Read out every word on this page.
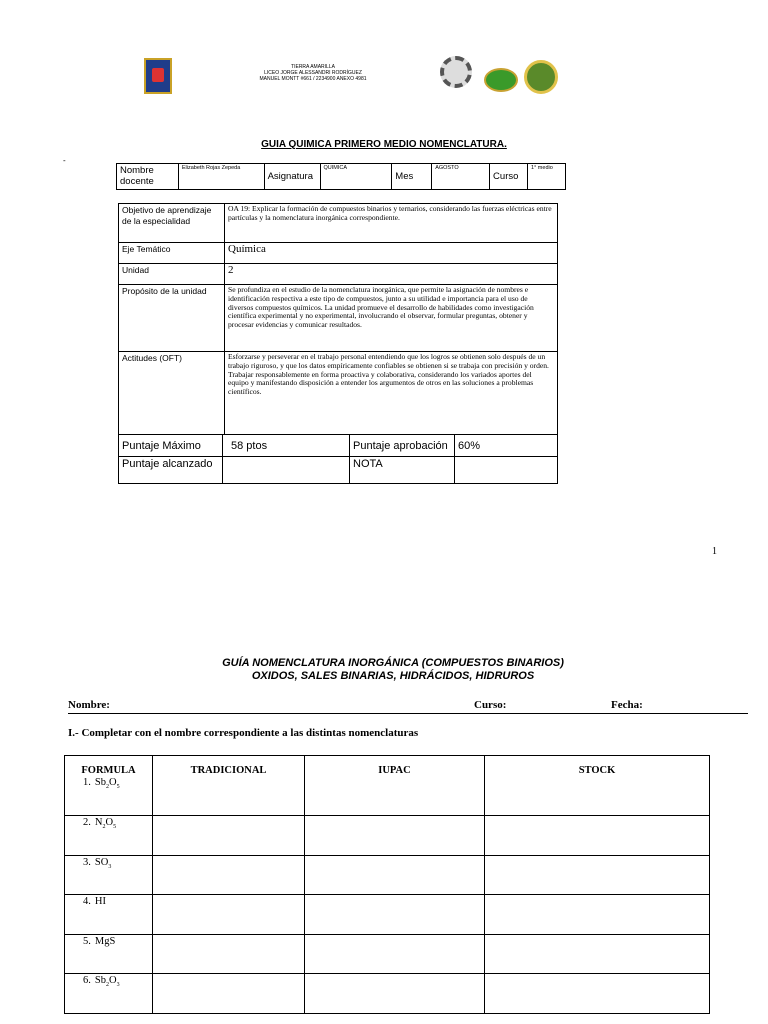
TIERRA AMARILLA
LICEO JORGE ALESSANDRI RODRÍGUEZ
MANUEL MONTT #661 / 2234900 ANEXO 4981
GUIA QUIMICA PRIMERO MEDIO NOMENCLATURA.
-
Nombre docente	Elizabeth Rojas Zepeda	Asignatura	QUIMICA	Mes	AGOSTO	Curso	1° medio
Objetivo de aprendizaje de la especialidad	OA 19: Explicar la formación de compuestos binarios y ternarios, considerando las fuerzas eléctricas entre partículas y la nomenclatura inorgánica correspondiente.
Eje Temático	Química
Unidad	2
Propósito de la unidad	Se profundiza en el estudio de la nomenclatura inorgánica, que permite la asignación de nombres e identificación respectiva a este tipo de compuestos, junto a su utilidad e importancia para el uso de diversos compuestos químicos. La unidad promueve el desarrollo de habilidades como investigación científica experimental y no experimental, involucrando el observar, formular preguntas, obtener y procesar evidencias y comunicar resultados.
Actitudes (OFT)	Esforzarse y perseverar en el trabajo personal entendiendo que los logros se obtienen solo después de un trabajo riguroso, y que los datos empíricamente confiables se obtienen si se trabaja con precisión y orden.
Trabajar responsablemente en forma proactiva y colaborativa, considerando los variados aportes del equipo y manifestando disposición a entender los argumentos de otros en las soluciones a problemas científicos.
Puntaje Máximo	58 ptos	Puntaje aprobación	60%
Puntaje alcanzado		NOTA	
1
GUÍA NOMENCLATURA INORGÁNICA (COMPUESTOS BINARIOS)
OXIDOS, SALES BINARIAS, HIDRÁCIDOS, HIDRUROS
Nombre:	Curso:	Fecha:
I.- Completar con el nombre correspondiente a las distintas nomenclaturas
FORMULA	TRADICIONAL	IUPAC	STOCK
1. $Sb_2O_5$			
2. $N_2O_5$			
3. $SO_3$			
4. HI			
5. MgS			
6. $Sb_2O_3$			
